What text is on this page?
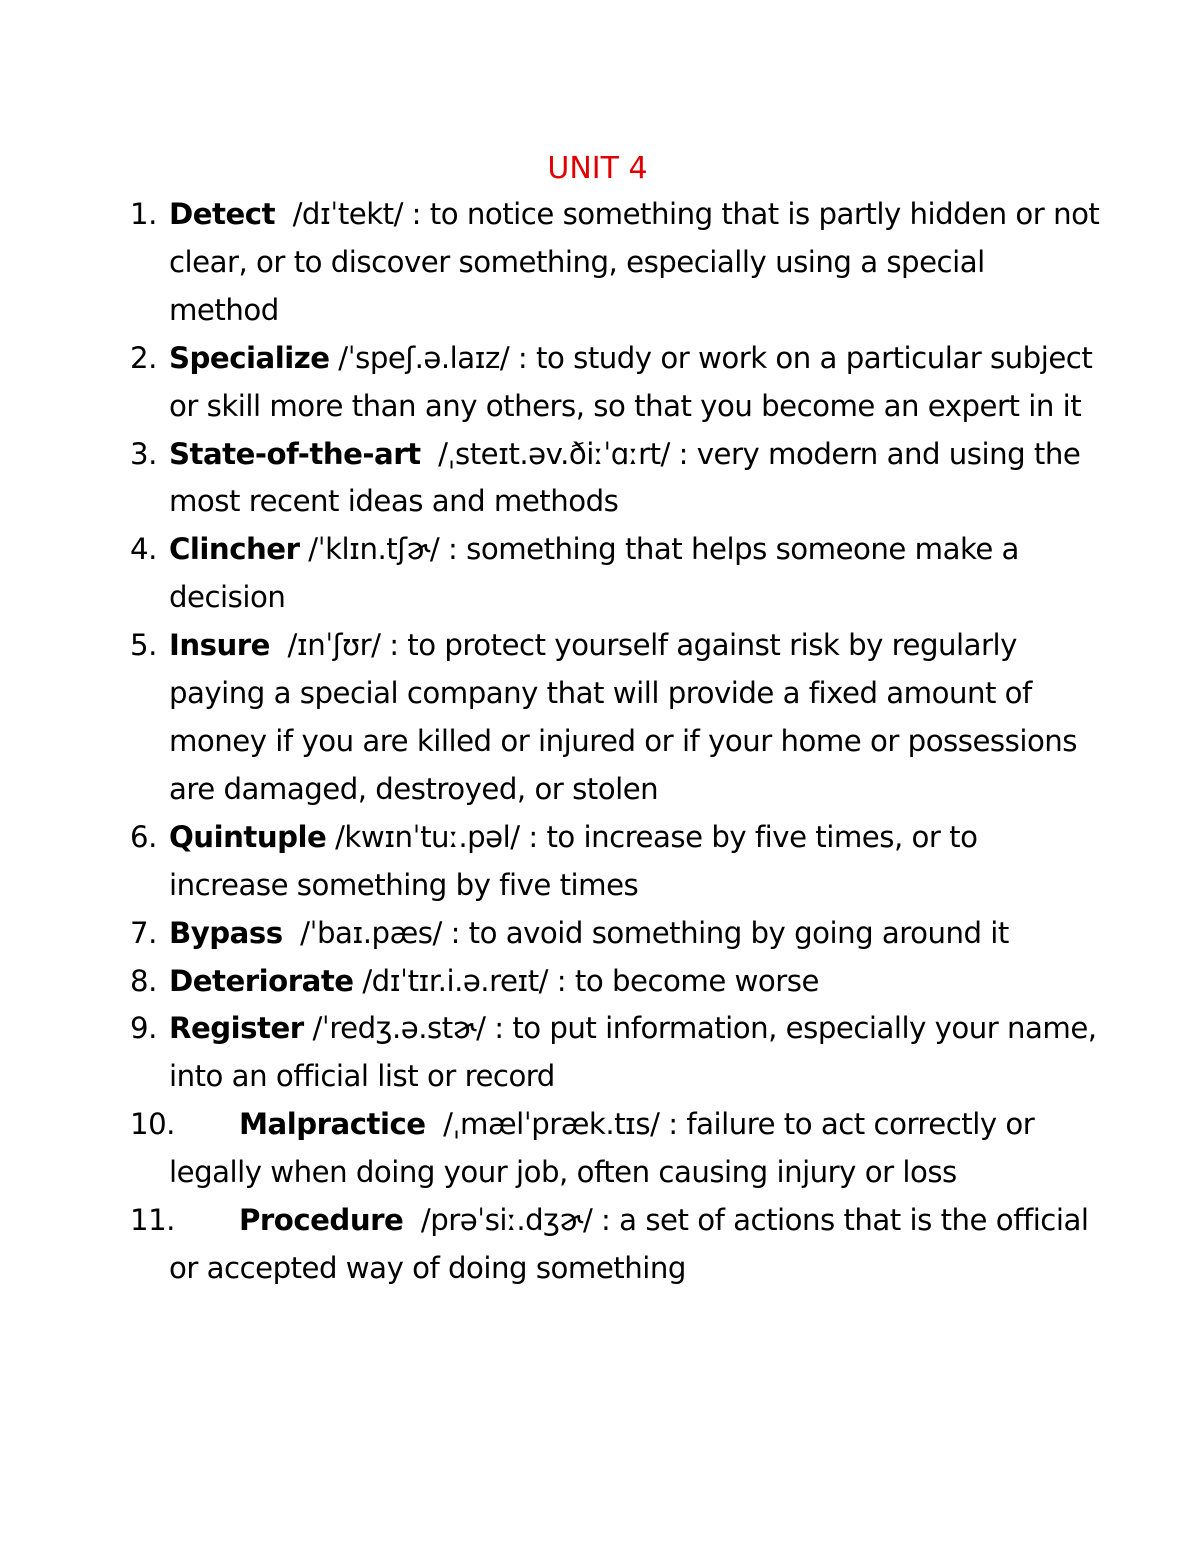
UNIT 4
1. Detect  /dɪˈtekt/ : to notice something that is partly hidden or not clear, or to discover something, especially using a special method
2. Specialize /ˈspeʃ.ə.laɪz/ : to study or work on a particular subject or skill more than any others, so that you become an expert in it
3. State-of-the-art  /ˌsteɪt.əv.ðiːˈɑːrt/ : very modern and using the most recent ideas and methods
4. Clincher /ˈklɪn.tʃɚ/ : something that helps someone make a decision
5. Insure  /ɪnˈʃʊr/ : to protect yourself against risk by regularly paying a special company that will provide a fixed amount of money if you are killed or injured or if your home or possessions are damaged, destroyed, or stolen
6. Quintuple /kwɪnˈtuː.pəl/ : to increase by five times, or to increase something by five times
7. Bypass  /ˈbaɪ.pæs/ : to avoid something by going around it
8. Deteriorate /dɪˈtɪr.i.ə.reɪt/ : to become worse
9. Register /ˈredʒ.ə.stɚ/ : to put information, especially your name, into an official list or record
10. Malpractice  /ˌmælˈpræk.tɪs/ : failure to act correctly or legally when doing your job, often causing injury or loss
11. Procedure  /prəˈsiː.dʒɚ/ : a set of actions that is the official or accepted way of doing something
